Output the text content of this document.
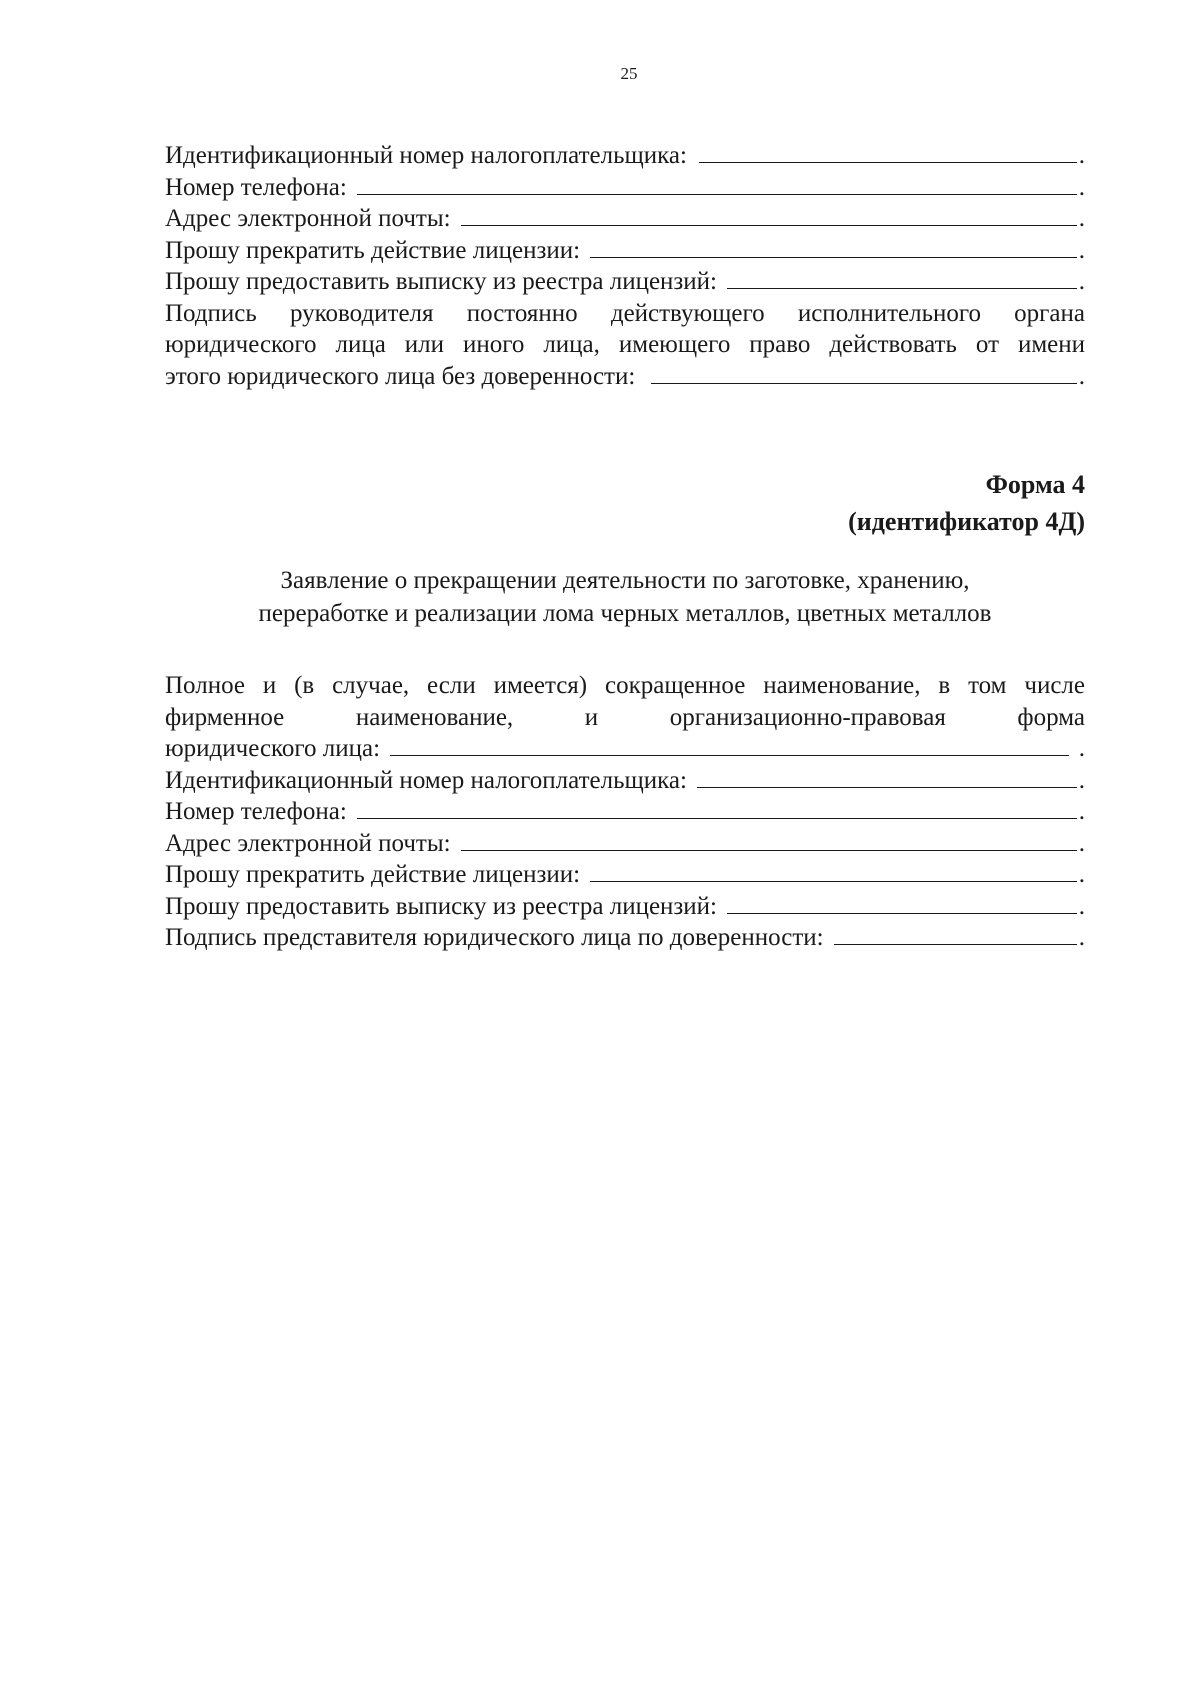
25
Идентификационный номер налогоплательщика:	.
Номер телефона:	.
Адрес электронной почты:	.
Прошу прекратить действие лицензии:	.
Прошу предоставить выписку из реестра лицензий:	.
Подпись руководителя постоянно действующего исполнительного органа
юридического лица или иного лица, имеющего право действовать от имени
этого юридического лица без доверенности:	.
Форма 4
(идентификатор 4Д)
Заявление о прекращении деятельности по заготовке, хранению,
переработке и реализации лома черных металлов, цветных металлов
Полное и (в случае, если имеется) сокращенное наименование, в том числе
фирменное	наименование,	и	организационно-правовая	форма
юридического лица:	.
Идентификационный номер налогоплательщика:	.
Номер телефона:	.
Адрес электронной почты:	.
Прошу прекратить действие лицензии:	.
Прошу предоставить выписку из реестра лицензий:	.
Подпись представителя юридического лица по доверенности:	.
